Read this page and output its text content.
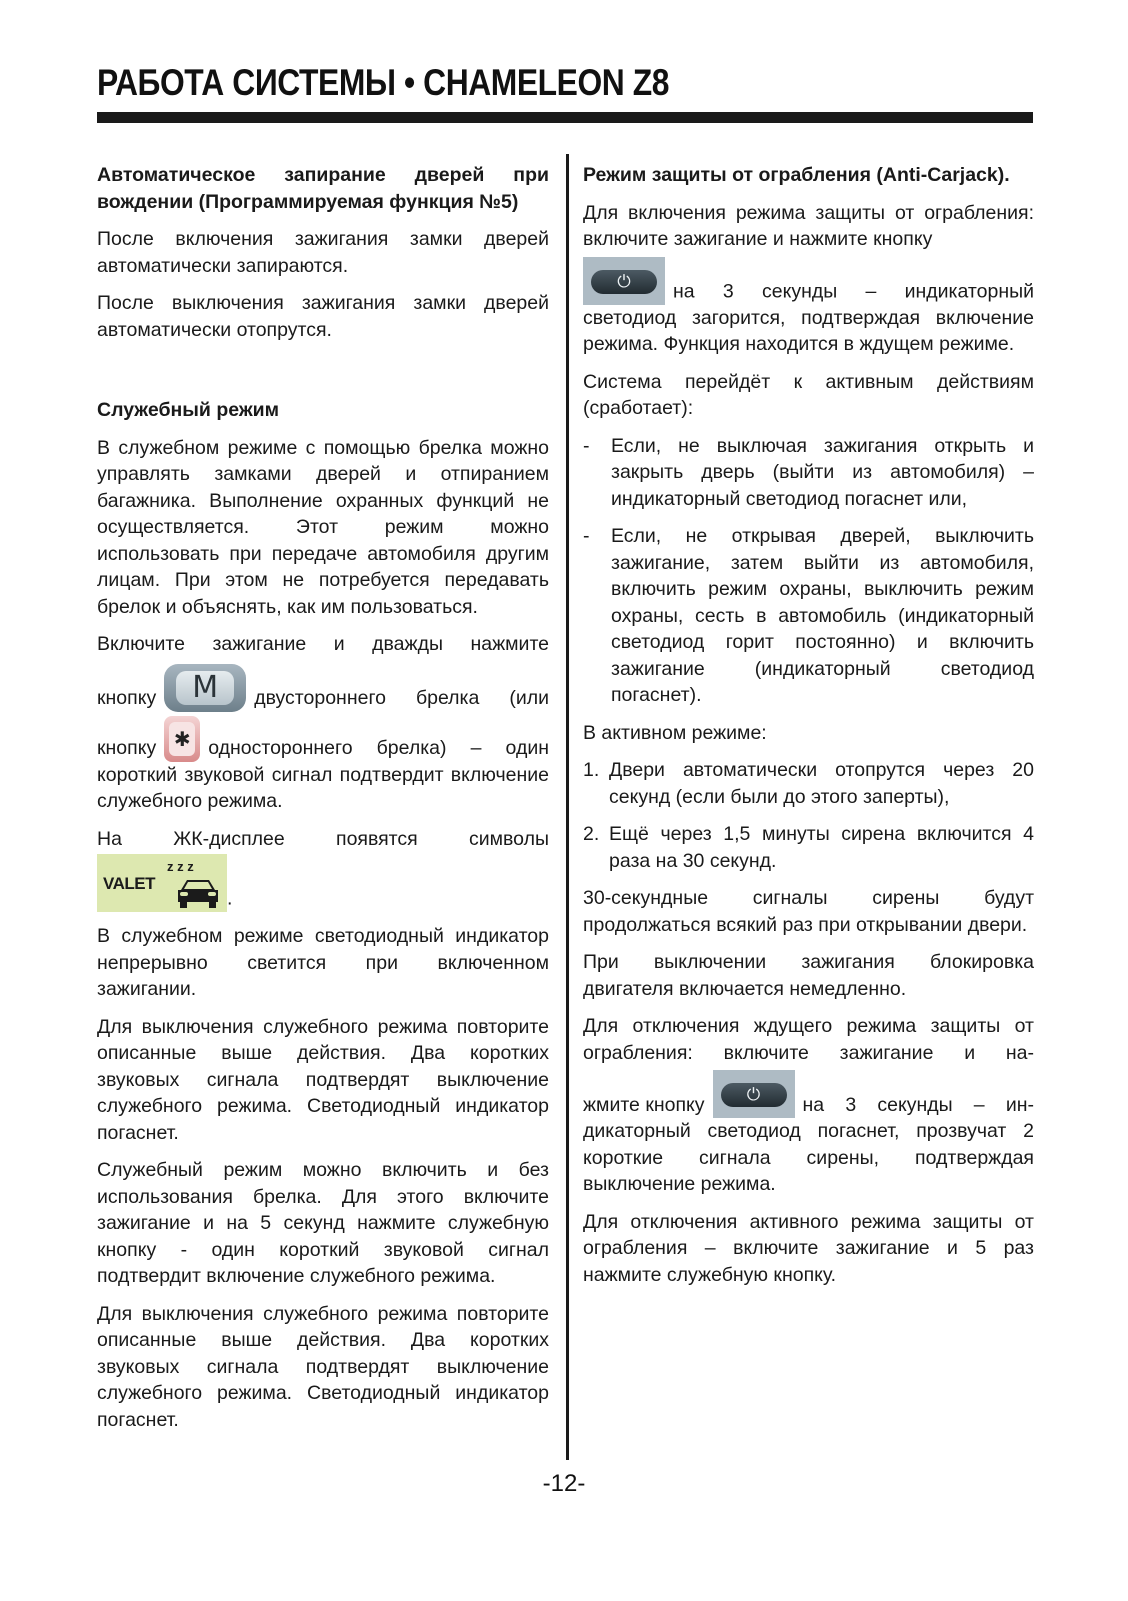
РАБОТА СИСТЕМЫ • CHAMELEON Z8
Автоматическое запирание дверей при вождении (Программируемая функция №5)

После включения зажигания замки дверей автоматически запираются.

После выключения зажигания замки дверей автоматически отопрутся.

Служебный режим

В служебном режиме с помощью брелка можно управлять замками дверей и отпиранием багажника. Выполнение охранных функций не осуществляется. Этот режим можно использовать при передаче автомобиля другим лицам. При этом не потребуется передавать брелок и объяснять, как им пользоваться.

Включите зажигание и дважды нажмите
кнопку	M	двустороннего брелка (или
кнопку ✱ одностороннего брелка) – один

короткий звуковой сигнал подтвердит включение служебного режима.

На ЖК-дисплее появятся символы
VALET
z z z
.

В служебном режиме светодиодный индикатор непрерывно светится при включенном зажигании.

Для выключения служебного режима повторите описанные выше действия. Два коротких звуковых сигнала подтвердят выключение служебного режима. Светодиодный индикатор погаснет.

Служебный режим можно включить и без использования брелка. Для этого включите зажигание и на 5 секунд нажмите служебную кнопку - один короткий звуковой сигнал подтвердит включение служебного режима.

Для выключения служебного режима повторите описанные выше действия. Два коротких звуковых сигнала подтвердят выключение служебного режима. Светодиодный индикатор погаснет.

Режим защиты от ограбления (Anti-Carjack).

Для включения режима защиты от ограбления: включите зажигание и нажмите кнопку

⏻	на 3 секунды – индикаторный светодиод загорится, подтверждая включение режима. Функция находится в ждущем режиме.

Система перейдёт к активным действиям (сработает):

- Если, не выключая зажигания открыть и закрыть дверь (выйти из автомобиля) – индикаторный светодиод погаснет или,
- Если, не открывая дверей, выключить зажигание, затем выйти из автомобиля, включить режим охраны, выключить режим охраны, сесть в автомобиль (индикаторный светодиод горит постоянно) и включить зажигание (индикаторный светодиод погаснет).

В активном режиме:

1. Двери автоматически отопрутся через 20 секунд (если были до этого заперты),
2. Ещё через 1,5 минуты сирена включится 4 раза на 30 секунд.

30-секундные сигналы сирены будут продолжаться всякий раз при открывании двери.

При выключении зажигания блокировка двигателя включается немедленно.

Для отключения ждущего режима защиты от ограбления: включите зажигание и на-
жмите кнопку	⏻	на 3 секунды – ин-

дикаторный светодиод погаснет, прозвучат 2 короткие сигнала сирены, подтверждая выключение режима.

Для отключения активного режима защиты от ограбления – включите зажигание и 5 раз нажмите служебную кнопку.

-12-
